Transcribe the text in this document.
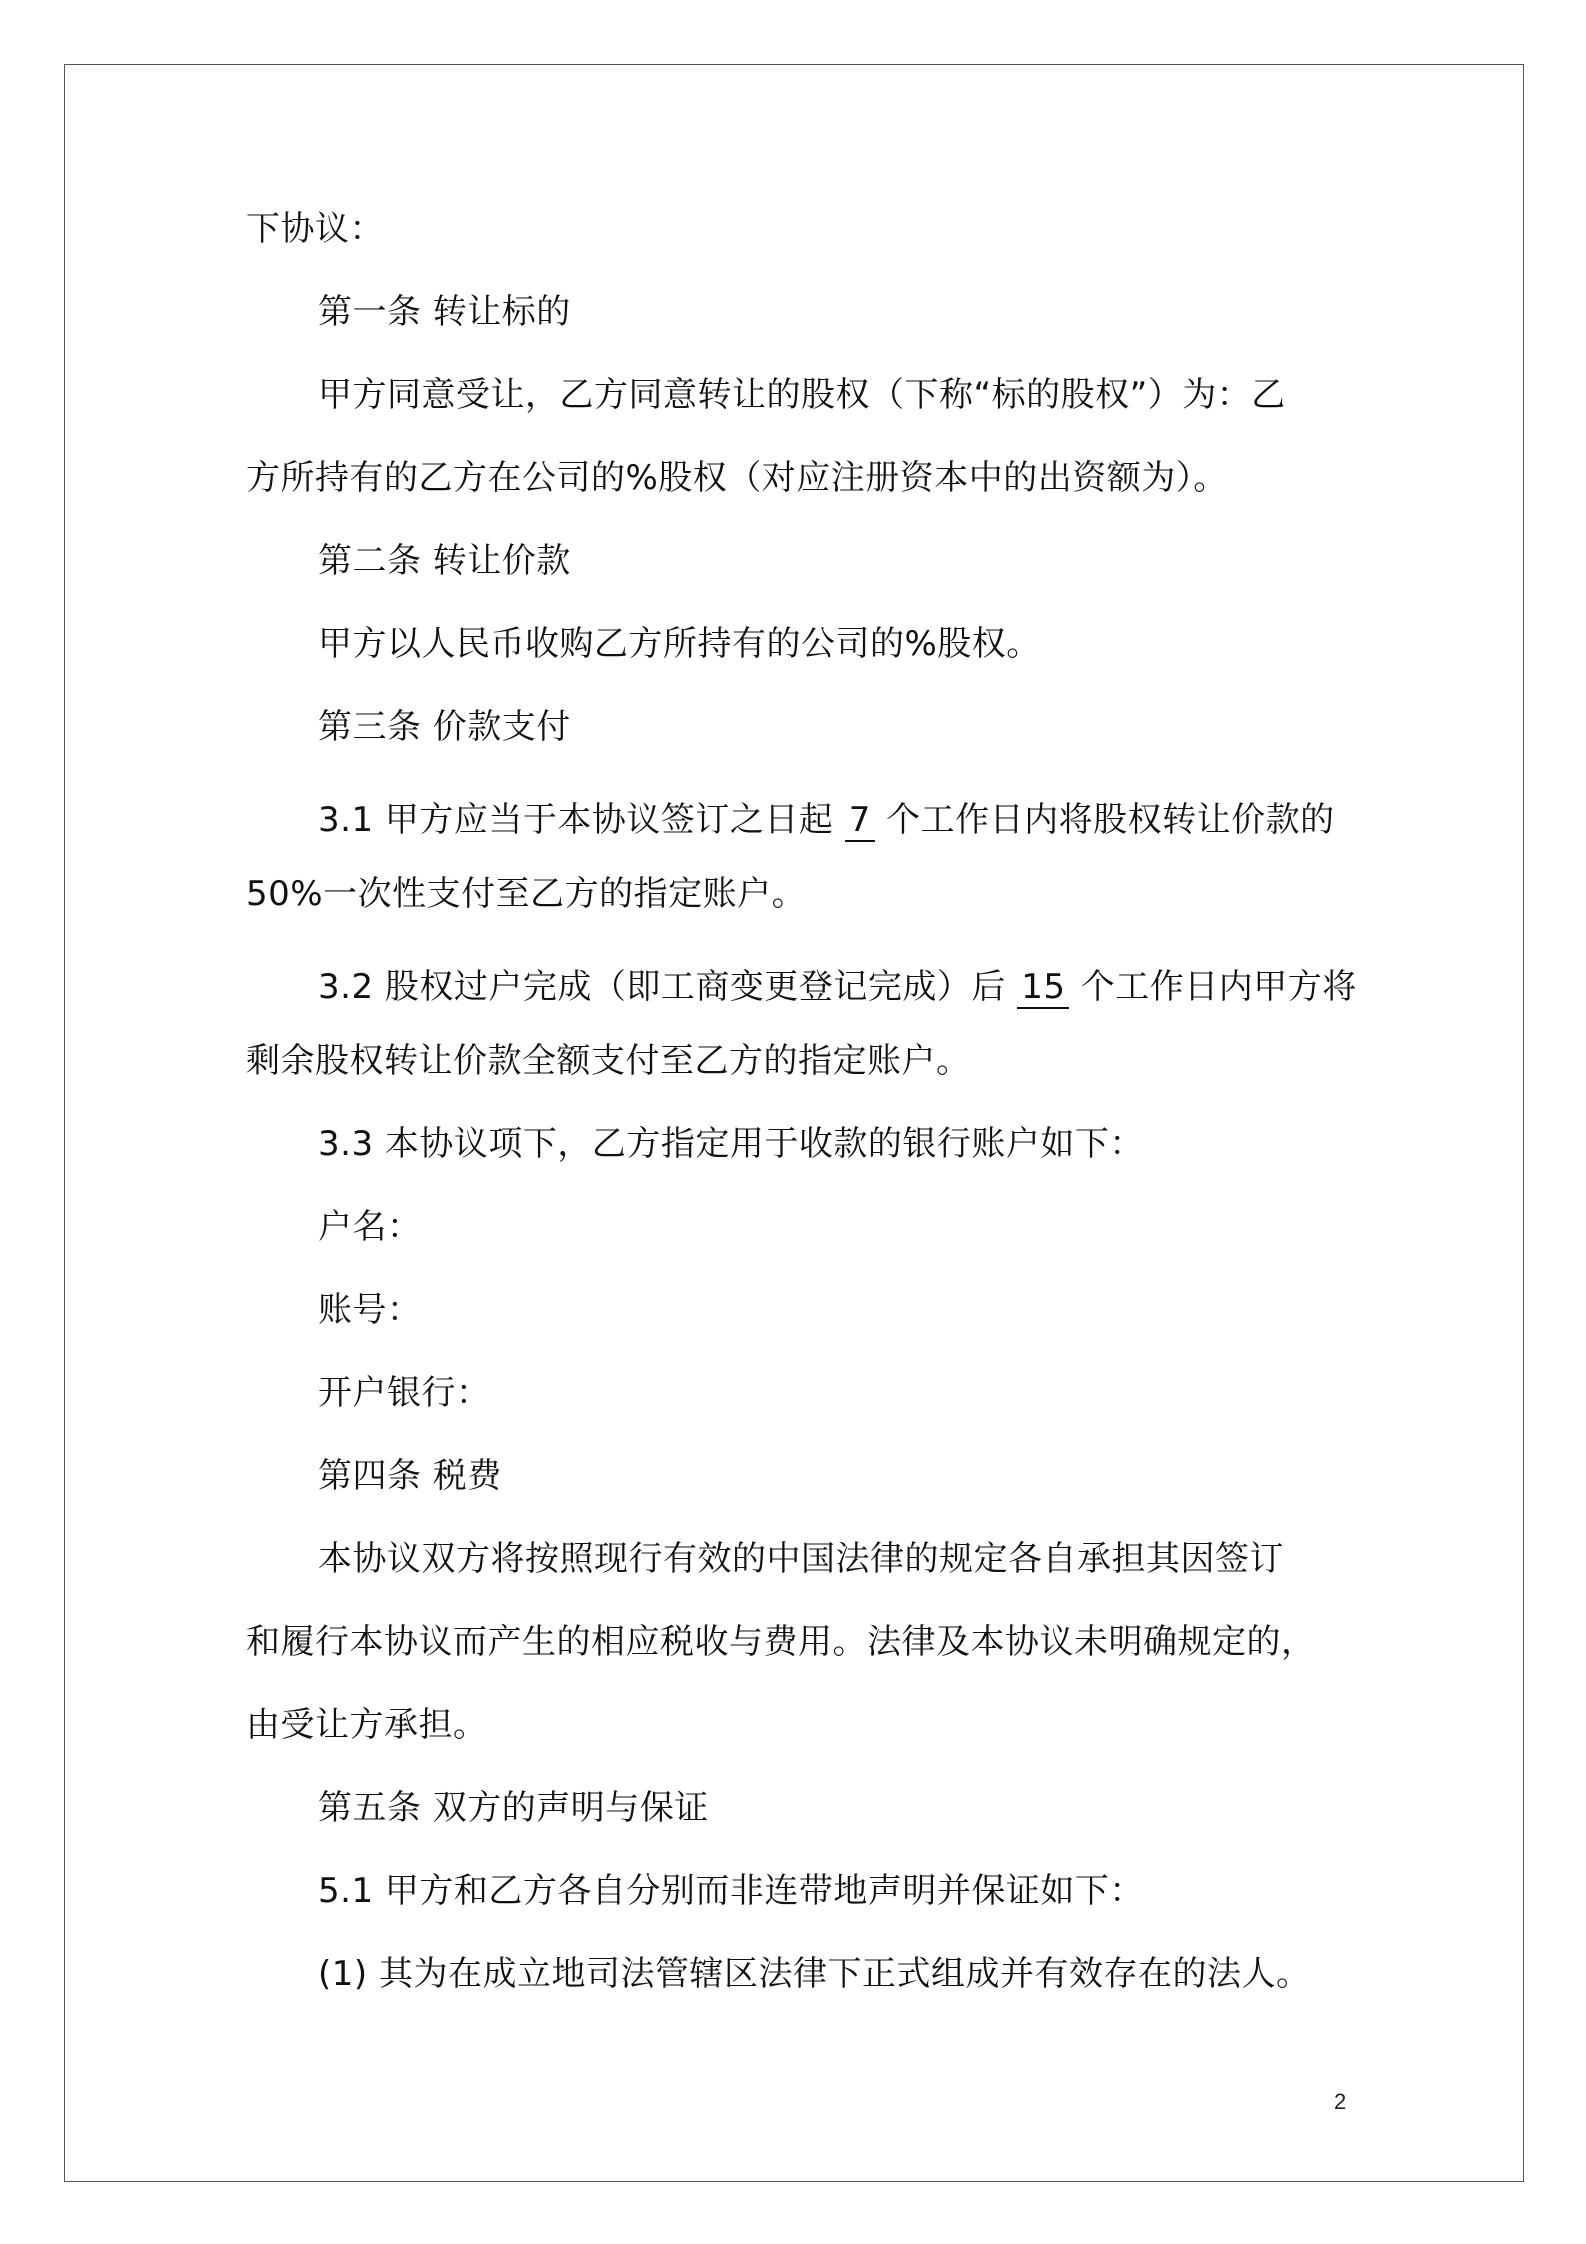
下协议：
第一条 转让标的
甲方同意受让，乙方同意转让的股权（下称“标的股权”）为：乙
方所持有的乙方在公司的%股权（对应注册资本中的出资额为）。
第二条 转让价款
甲方以人民币收购乙方所持有的公司的%股权。
第三条 价款支付
3.1 甲方应当于本协议签订之日起 7 个工作日内将股权转让价款的
50%一次性支付至乙方的指定账户。
3.2 股权过户完成（即工商变更登记完成）后 15 个工作日内甲方将
剩余股权转让价款全额支付至乙方的指定账户。
3.3 本协议项下，乙方指定用于收款的银行账户如下：
户名：
账号：
开户银行：
第四条 税费
本协议双方将按照现行有效的中国法律的规定各自承担其因签订
和履行本协议而产生的相应税收与费用。法律及本协议未明确规定的，
由受让方承担。
第五条 双方的声明与保证
5.1 甲方和乙方各自分别而非连带地声明并保证如下：
(1) 其为在成立地司法管辖区法律下正式组成并有效存在的法人。
2
